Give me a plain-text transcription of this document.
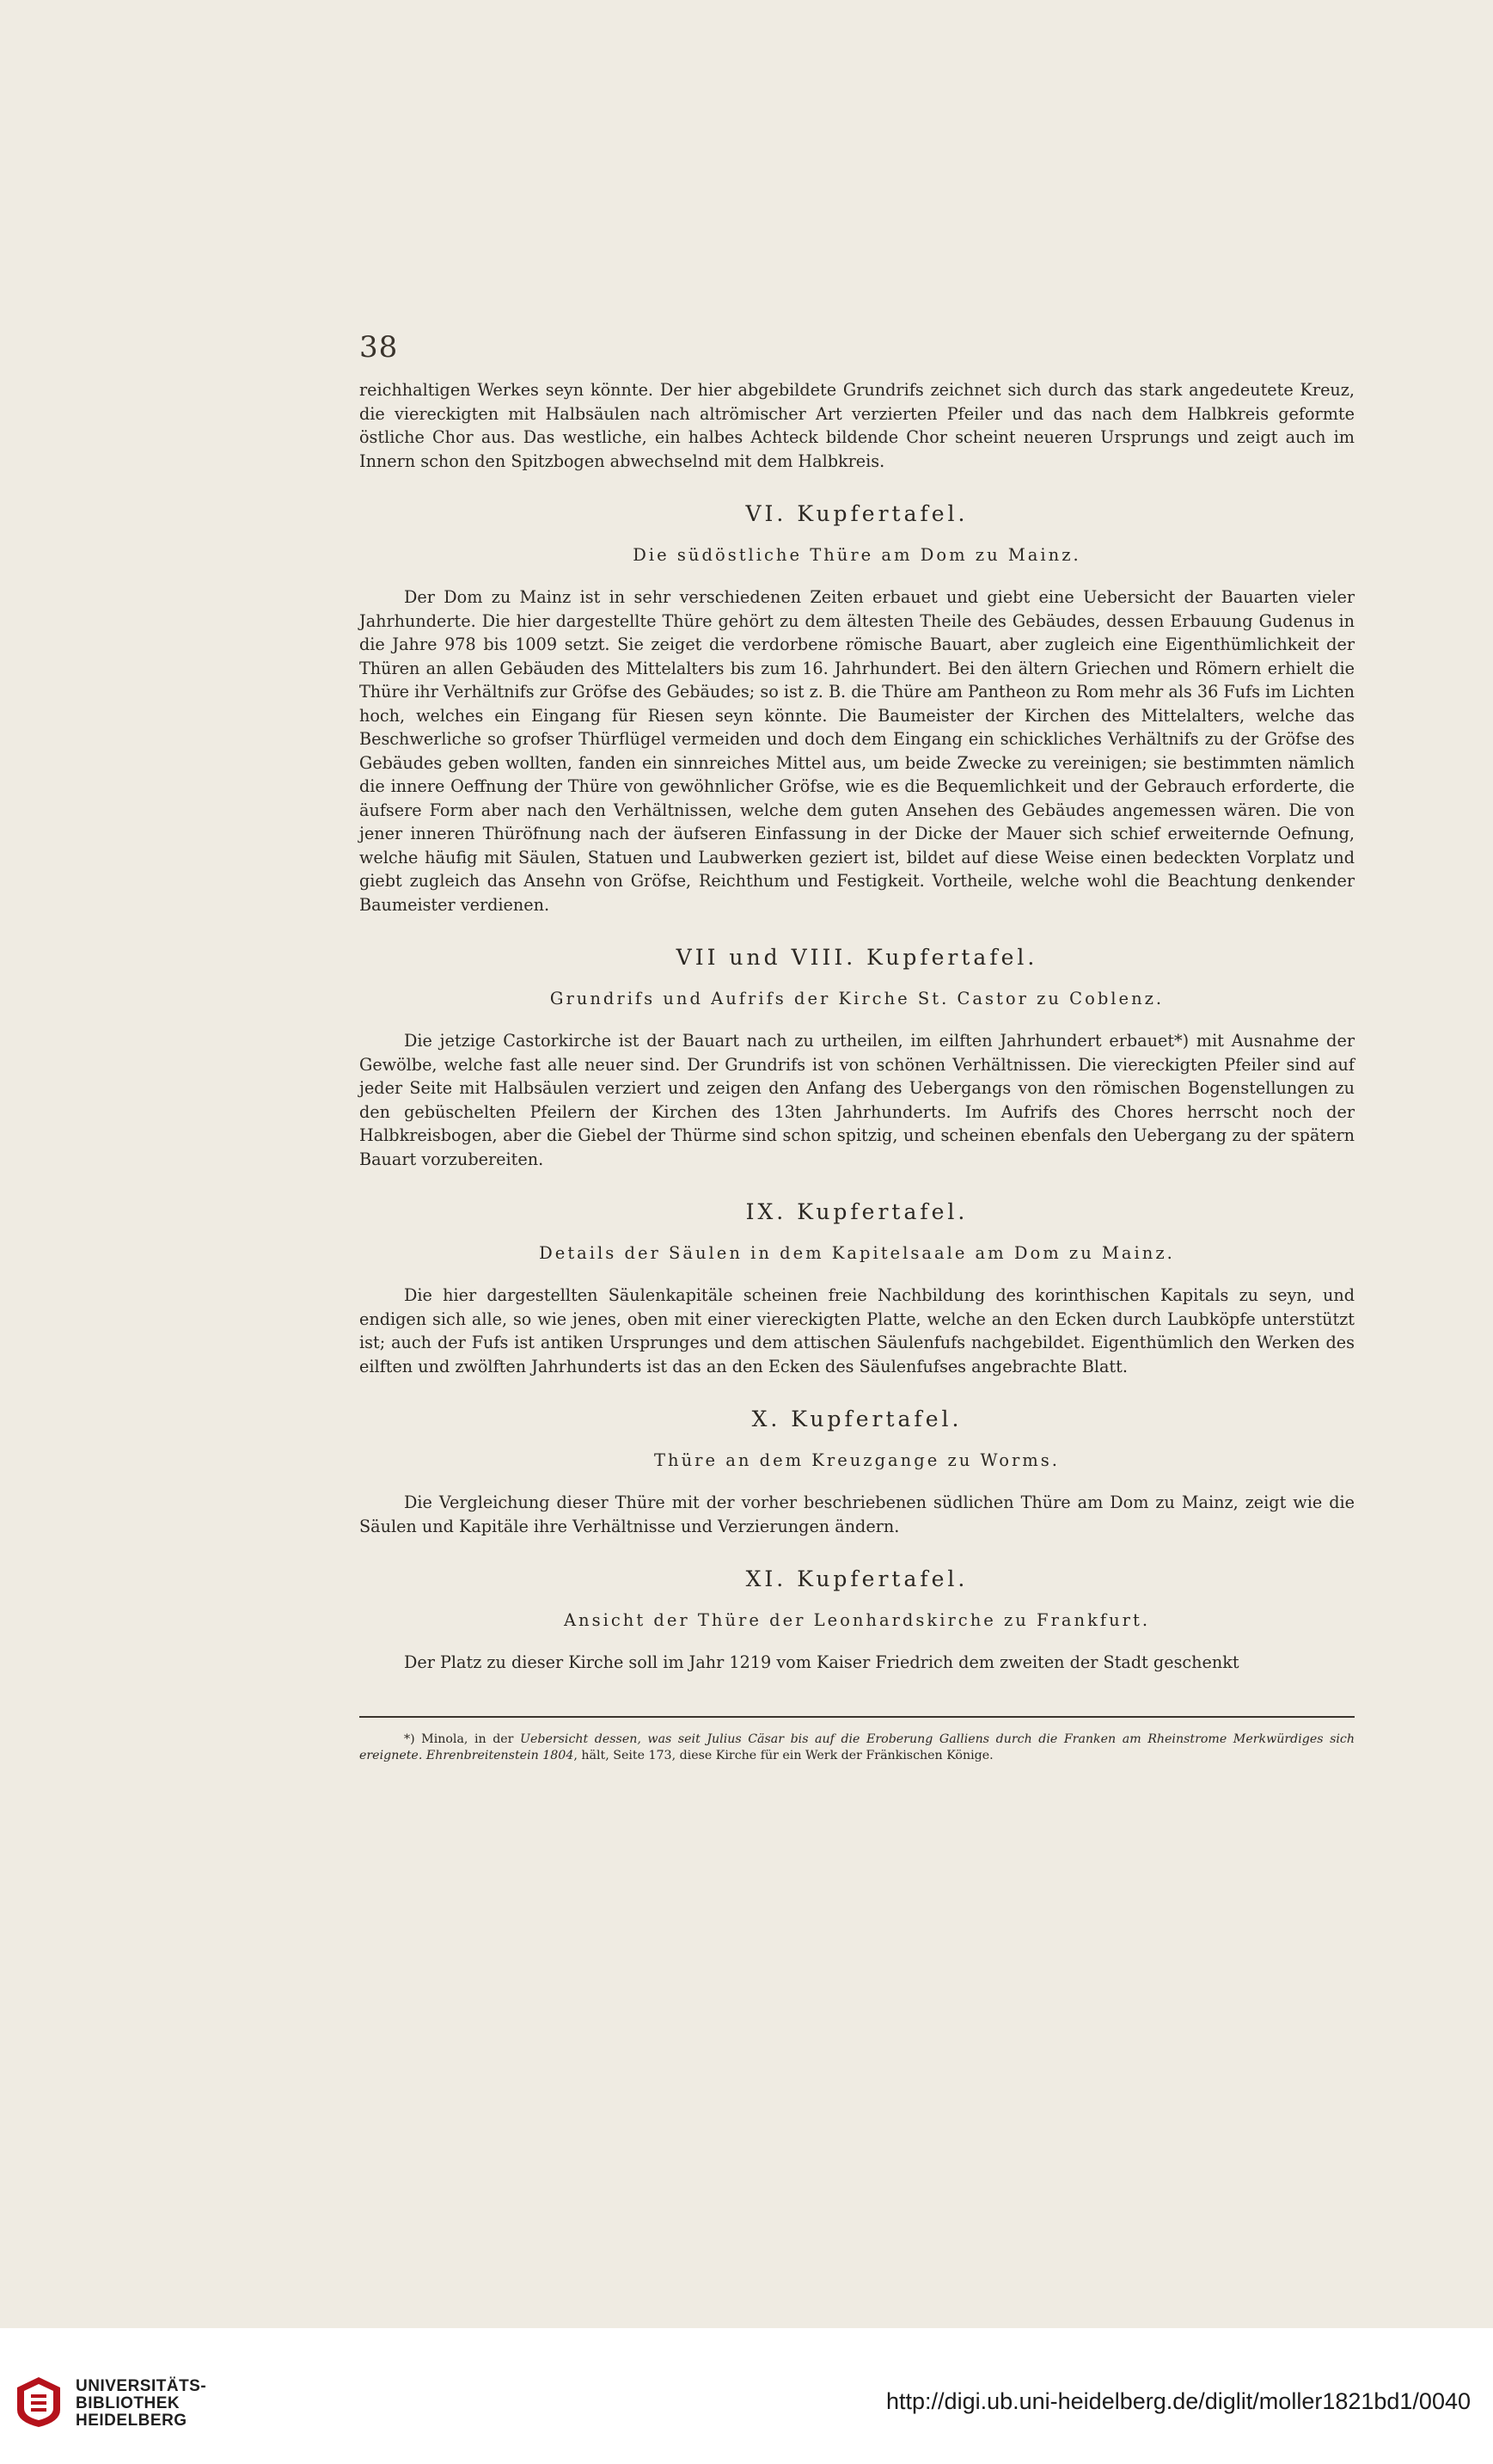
38

reichhaltigen Werkes seyn könnte. Der hier abgebildete Grundrifs zeichnet sich durch das stark angedeutete Kreuz, die viereckigten mit Halbsäulen nach altrömischer Art verzierten Pfeiler und das nach dem Halbkreis geformte östliche Chor aus. Das westliche, ein halbes Achteck bildende Chor scheint neueren Ursprungs und zeigt auch im Innern schon den Spitzbogen abwechselnd mit dem Halbkreis.

VI. Kupfertafel.
Die südöstliche Thüre am Dom zu Mainz.

Der Dom zu Mainz ist in sehr verschiedenen Zeiten erbauet und giebt eine Uebersicht der Bauarten vieler Jahrhunderte. Die hier dargestellte Thüre gehört zu dem ältesten Theile des Gebäudes, dessen Erbauung Gudenus in die Jahre 978 bis 1009 setzt. Sie zeiget die verdorbene römische Bauart, aber zugleich eine Eigenthümlichkeit der Thüren an allen Gebäuden des Mittelalters bis zum 16. Jahrhundert. Bei den ältern Griechen und Römern erhielt die Thüre ihr Verhältnifs zur Gröfse des Gebäudes; so ist z. B. die Thüre am Pantheon zu Rom mehr als 36 Fufs im Lichten hoch, welches ein Eingang für Riesen seyn könnte. Die Baumeister der Kirchen des Mittelalters, welche das Beschwerliche so grofser Thürflügel vermeiden und doch dem Eingang ein schickliches Verhältnifs zu der Gröfse des Gebäudes geben wollten, fanden ein sinnreiches Mittel aus, um beide Zwecke zu vereinigen; sie bestimmten nämlich die innere Oeffnung der Thüre von gewöhnlicher Gröfse, wie es die Bequemlichkeit und der Gebrauch erforderte, die äufsere Form aber nach den Verhältnissen, welche dem guten Ansehen des Gebäudes angemessen wären. Die von jener inneren Thüröfnung nach der äufseren Einfassung in der Dicke der Mauer sich schief erweiternde Oefnung, welche häufig mit Säulen, Statuen und Laubwerken geziert ist, bildet auf diese Weise einen bedeckten Vorplatz und giebt zugleich das Ansehn von Gröfse, Reichthum und Festigkeit. Vortheile, welche wohl die Beachtung denkender Baumeister verdienen.

VII und VIII. Kupfertafel.
Grundrifs und Aufrifs der Kirche St. Castor zu Coblenz.

Die jetzige Castorkirche ist der Bauart nach zu urtheilen, im eilften Jahrhundert erbauet*) mit Ausnahme der Gewölbe, welche fast alle neuer sind. Der Grundrifs ist von schönen Verhältnissen. Die viereckigten Pfeiler sind auf jeder Seite mit Halbsäulen verziert und zeigen den Anfang des Uebergangs von den römischen Bogenstellungen zu den gebüschelten Pfeilern der Kirchen des 13ten Jahrhunderts. Im Aufrifs des Chores herrscht noch der Halbkreisbogen, aber die Giebel der Thürme sind schon spitzig, und scheinen ebenfals den Uebergang zu der spätern Bauart vorzubereiten.

IX. Kupfertafel.
Details der Säulen in dem Kapitelsaale am Dom zu Mainz.

Die hier dargestellten Säulenkapitäle scheinen freie Nachbildung des korinthischen Kapitals zu seyn, und endigen sich alle, so wie jenes, oben mit einer viereckigten Platte, welche an den Ecken durch Laubköpfe unterstützt ist; auch der Fufs ist antiken Ursprunges und dem attischen Säulenfufs nachgebildet. Eigenthümlich den Werken des eilften und zwölften Jahrhunderts ist das an den Ecken des Säulenfufses angebrachte Blatt.

X. Kupfertafel.
Thüre an dem Kreuzgange zu Worms.

Die Vergleichung dieser Thüre mit der vorher beschriebenen südlichen Thüre am Dom zu Mainz, zeigt wie die Säulen und Kapitäle ihre Verhältnisse und Verzierungen ändern.

XI. Kupfertafel.
Ansicht der Thüre der Leonhardskirche zu Frankfurt.

Der Platz zu dieser Kirche soll im Jahr 1219 vom Kaiser Friedrich dem zweiten der Stadt geschenkt

*) Minola, in der Uebersicht dessen, was seit Julius Cäsar bis auf die Eroberung Galliens durch die Franken am Rheinstrome Merkwürdiges sich ereignete. Ehrenbreitenstein 1804, hält, Seite 173, diese Kirche für ein Werk der Fränkischen Könige.

UNIVERSITÄTS-
BIBLIOTHEK
HEIDELBERG
http://digi.ub.uni-heidelberg.de/diglit/moller1821bd1/0040
